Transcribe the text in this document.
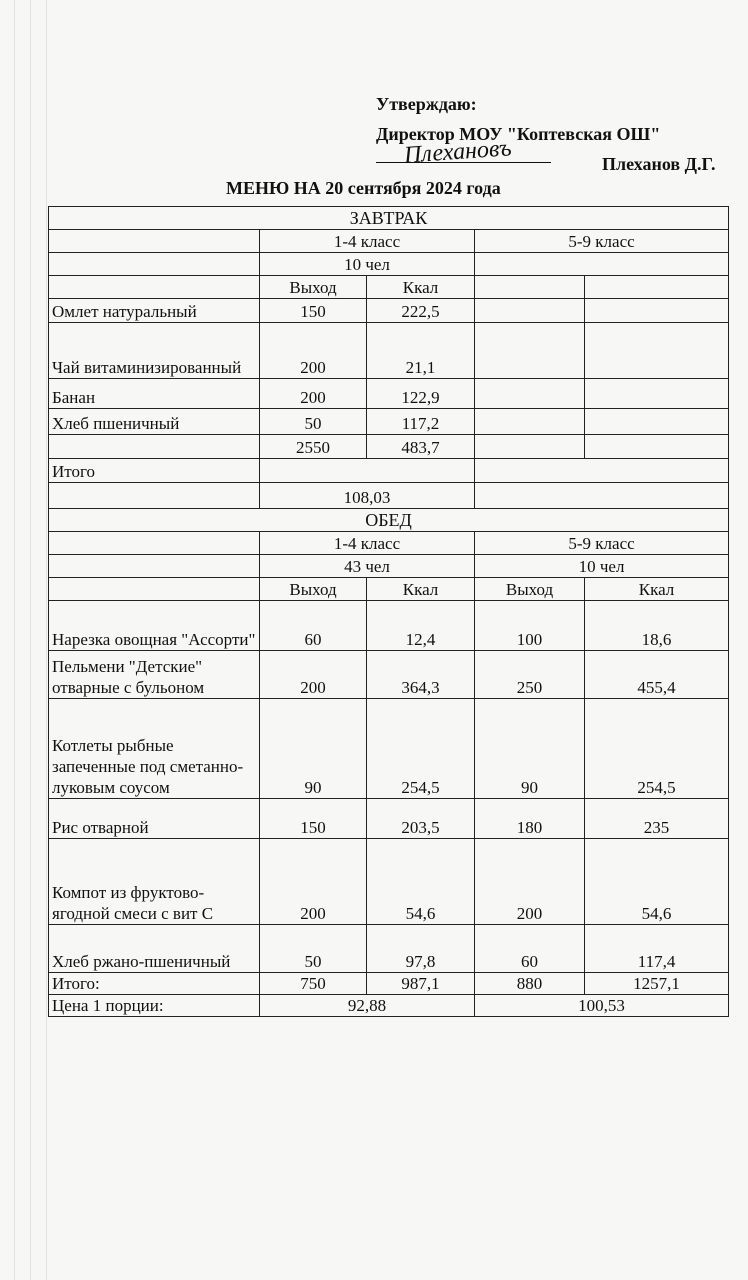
Утверждаю:
Директор МОУ "Коптевская ОШ"
Плехановъ	Плеханов Д.Г.
МЕНЮ НА 20 сентября 2024 года
ЗАВТРАК				
	1-4 класс		5-9 класс	
	10 чел			
	Выход	Ккал		
Омлет натуральный	150	222,5		
Чай витаминизированный	200	21,1		
Банан	200	122,9		
Хлеб пшеничный	50	117,2		
	2550	483,7		
Итого				
	108,03			
ОБЕД				
	1-4 класс		5-9 класс	
	43 чел		10 чел	
	Выход	Ккал	Выход	Ккал
Нарезка овощная "Ассорти"	60	12,4	100	18,6
Пельмени "Детские" отварные с бульоном	200	364,3	250	455,4
Котлеты рыбные запеченные под сметанно-луковым соусом	90	254,5	90	254,5
Рис отварной	150	203,5	180	235
Компот из фруктово-ягодной смеси с вит С	200	54,6	200	54,6
Хлеб ржано-пшеничный	50	97,8	60	117,4
Итого:	750	987,1	880	1257,1
Цена 1 порции:	92,88		100,53	
